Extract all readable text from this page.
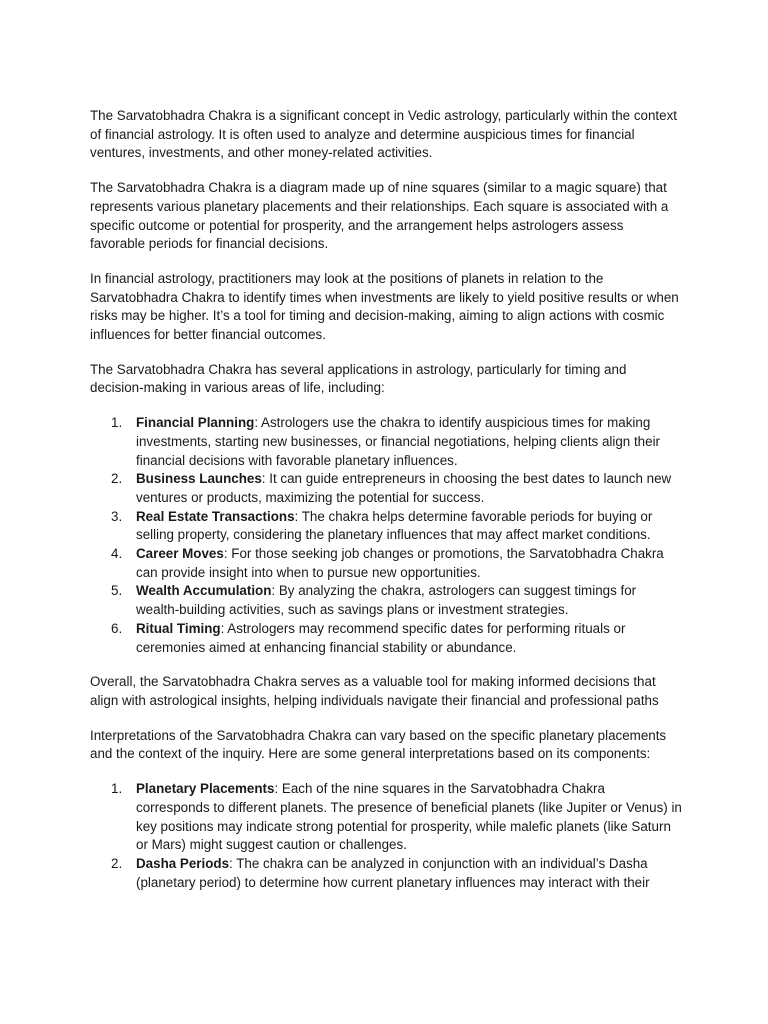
The Sarvatobhadra Chakra is a significant concept in Vedic astrology, particularly within the context of financial astrology. It is often used to analyze and determine auspicious times for financial ventures, investments, and other money-related activities.

The Sarvatobhadra Chakra is a diagram made up of nine squares (similar to a magic square) that represents various planetary placements and their relationships. Each square is associated with a specific outcome or potential for prosperity, and the arrangement helps astrologers assess favorable periods for financial decisions.

In financial astrology, practitioners may look at the positions of planets in relation to the Sarvatobhadra Chakra to identify times when investments are likely to yield positive results or when risks may be higher. It’s a tool for timing and decision-making, aiming to align actions with cosmic influences for better financial outcomes.

The Sarvatobhadra Chakra has several applications in astrology, particularly for timing and decision-making in various areas of life, including:

1.	Financial Planning: Astrologers use the chakra to identify auspicious times for making investments, starting new businesses, or financial negotiations, helping clients align their financial decisions with favorable planetary influences.
2.	Business Launches: It can guide entrepreneurs in choosing the best dates to launch new ventures or products, maximizing the potential for success.
3.	Real Estate Transactions: The chakra helps determine favorable periods for buying or selling property, considering the planetary influences that may affect market conditions.
4.	Career Moves: For those seeking job changes or promotions, the Sarvatobhadra Chakra can provide insight into when to pursue new opportunities.
5.	Wealth Accumulation: By analyzing the chakra, astrologers can suggest timings for wealth-building activities, such as savings plans or investment strategies.
6.	Ritual Timing: Astrologers may recommend specific dates for performing rituals or ceremonies aimed at enhancing financial stability or abundance.

Overall, the Sarvatobhadra Chakra serves as a valuable tool for making informed decisions that align with astrological insights, helping individuals navigate their financial and professional paths

Interpretations of the Sarvatobhadra Chakra can vary based on the specific planetary placements and the context of the inquiry. Here are some general interpretations based on its components:

1.	Planetary Placements: Each of the nine squares in the Sarvatobhadra Chakra corresponds to different planets. The presence of beneficial planets (like Jupiter or Venus) in key positions may indicate strong potential for prosperity, while malefic planets (like Saturn or Mars) might suggest caution or challenges.
2.	Dasha Periods: The chakra can be analyzed in conjunction with an individual’s Dasha (planetary period) to determine how current planetary influences may interact with their
